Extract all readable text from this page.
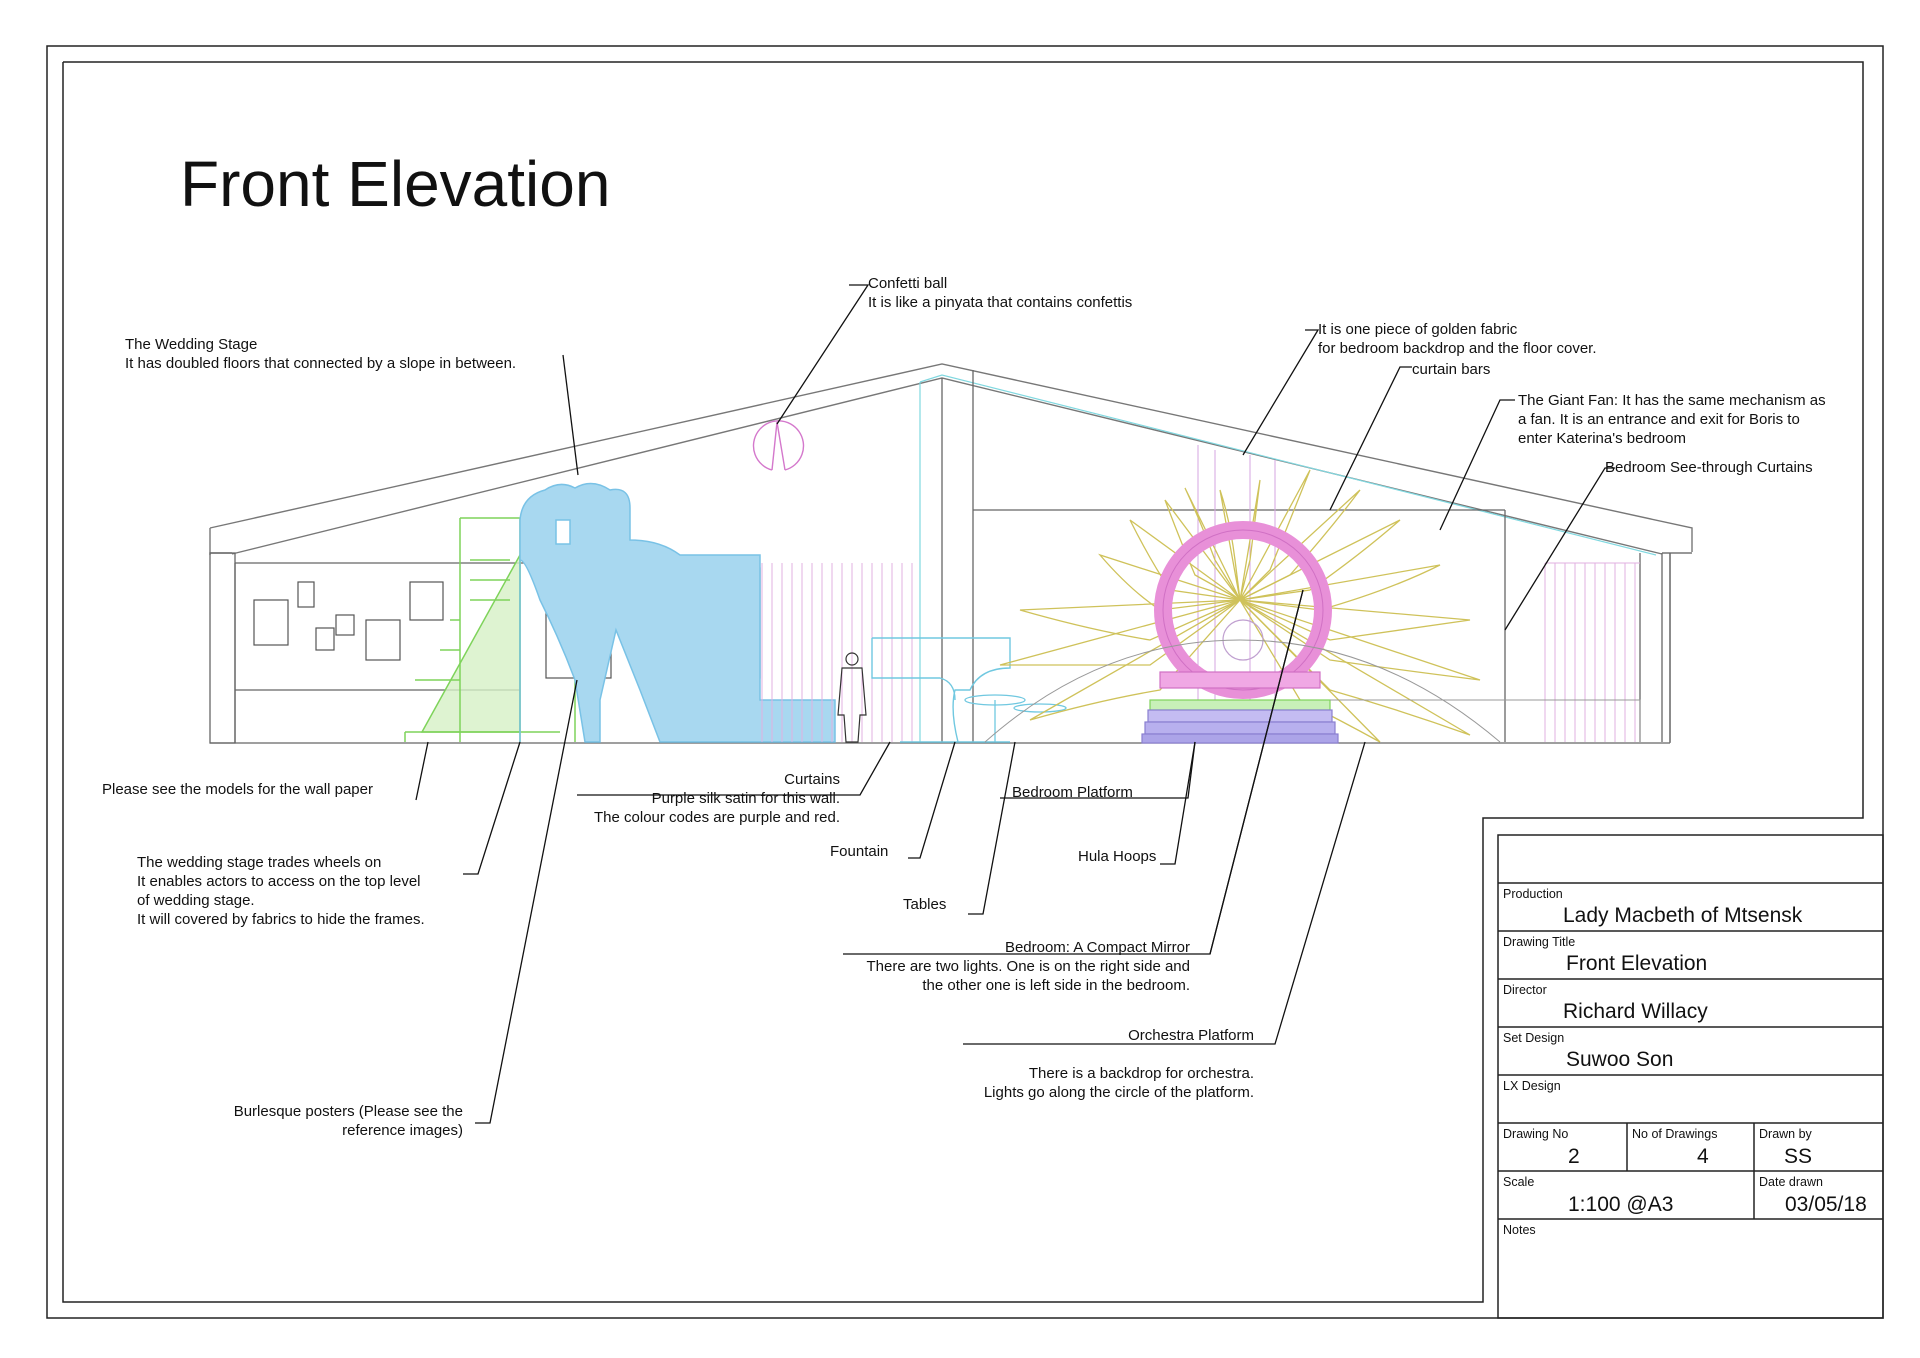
Front Elevation
Confetti ball
It is like a pinyata that contains confettis
The Wedding Stage
It has doubled floors that connected by a slope in between.
It is one piece of golden fabric
for bedroom backdrop and the floor cover.
curtain bars
The Giant Fan: It has the same mechanism as
a fan. It is an entrance and exit for Boris to
enter Katerina's bedroom
Bedroom See-through Curtains
Please see the models for the wall paper
Curtains
Purple silk satin for this wall.
The colour codes are purple and red.
Bedroom Platform
Fountain	Hula Hoops
The wedding stage trades wheels on
It enables actors to access on the top level
of wedding stage.
It will covered by fabrics to hide the frames.
Tables
Bedroom: A Compact Mirror
There are two lights. One is on the right side and
the other one is left side in the bedroom.
Orchestra Platform
There is a backdrop for orchestra.
Lights go along the circle of the platform.
Burlesque posters (Please see the
reference images)
Production
Lady Macbeth of Mtsensk
Drawing Title
Front Elevation
Director
Richard Willacy
Set Design
Suwoo Son
LX Design
Drawing No
2
No of Drawings
4
Drawn by
SS
Scale
1:100 @A3
Date drawn
03/05/18
Notes
